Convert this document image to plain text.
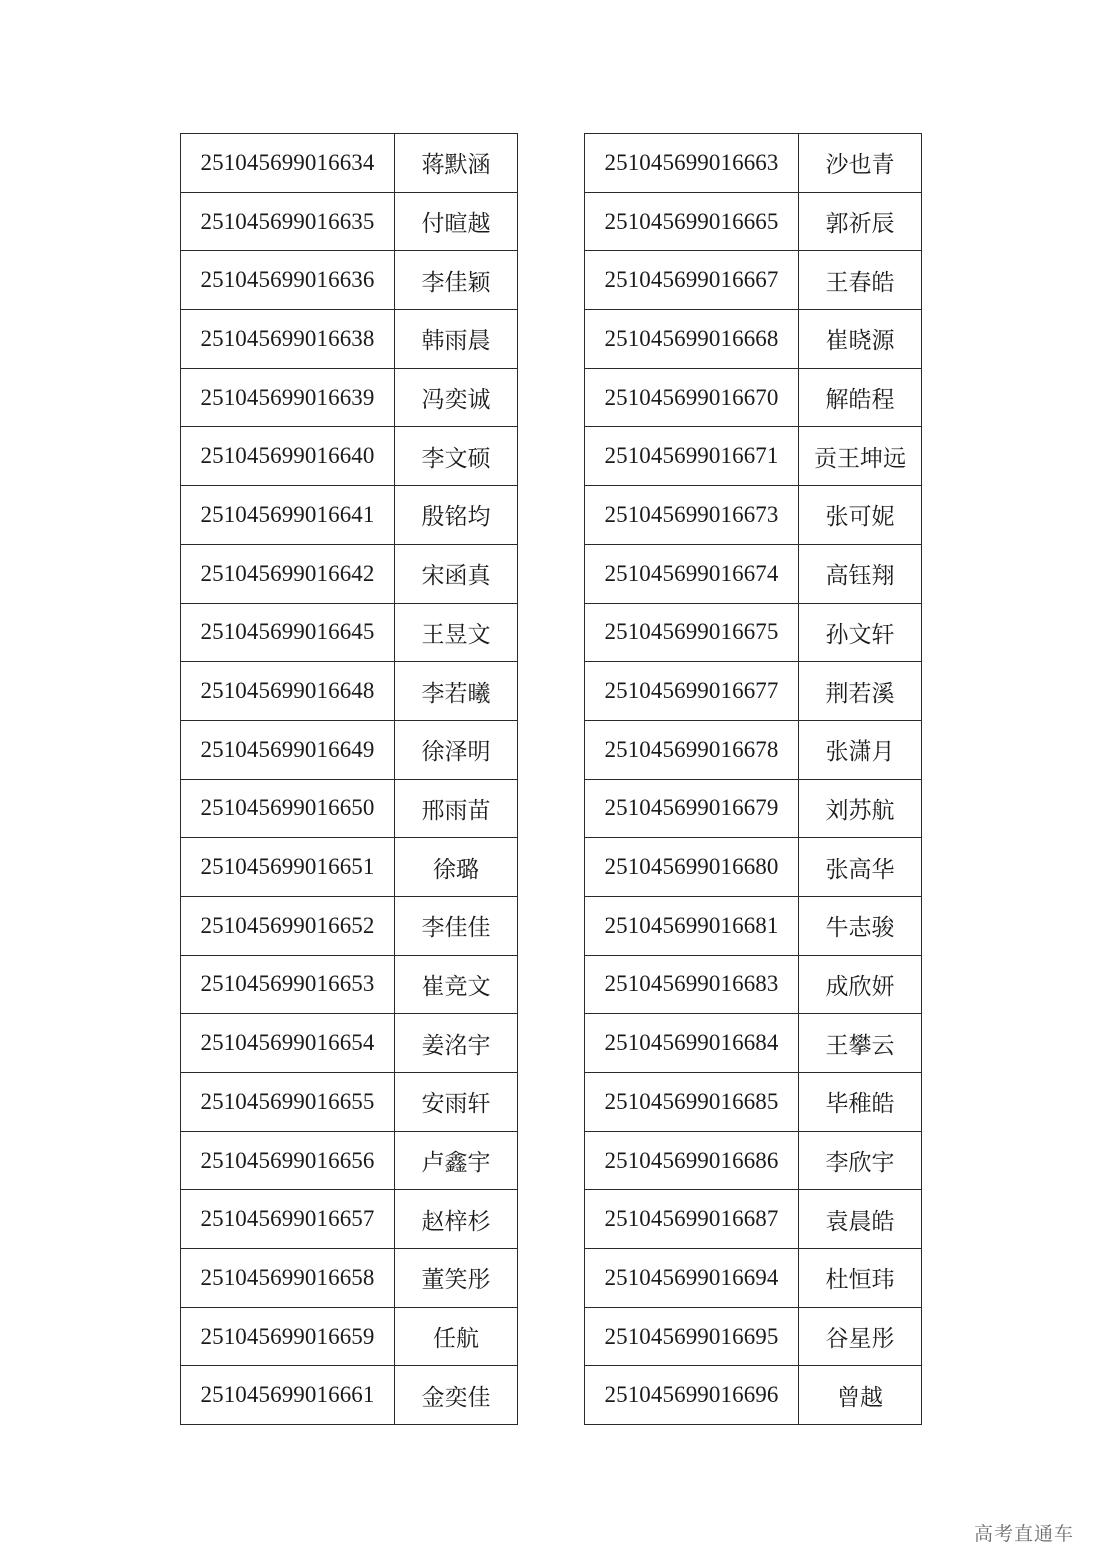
251045699016634	蒋默涵
251045699016635	付暄越
251045699016636	李佳颖
251045699016638	韩雨晨
251045699016639	冯奕诚
251045699016640	李文硕
251045699016641	殷铭均
251045699016642	宋函真
251045699016645	王昱文
251045699016648	李若曦
251045699016649	徐泽明
251045699016650	邢雨苗
251045699016651	徐璐
251045699016652	李佳佳
251045699016653	崔竞文
251045699016654	姜洺宇
251045699016655	安雨轩
251045699016656	卢鑫宇
251045699016657	赵梓杉
251045699016658	董笑彤
251045699016659	任航
251045699016661	金奕佳
251045699016663	沙也青
251045699016665	郭祈辰
251045699016667	王春皓
251045699016668	崔晓源
251045699016670	解皓程
251045699016671	贡王坤远
251045699016673	张可妮
251045699016674	高钰翔
251045699016675	孙文轩
251045699016677	荆若溪
251045699016678	张潇月
251045699016679	刘苏航
251045699016680	张高华
251045699016681	牛志骏
251045699016683	成欣妍
251045699016684	王攀云
251045699016685	毕稚皓
251045699016686	李欣宇
251045699016687	袁晨皓
251045699016694	杜恒玮
251045699016695	谷星彤
251045699016696	曾越
高考直通车
